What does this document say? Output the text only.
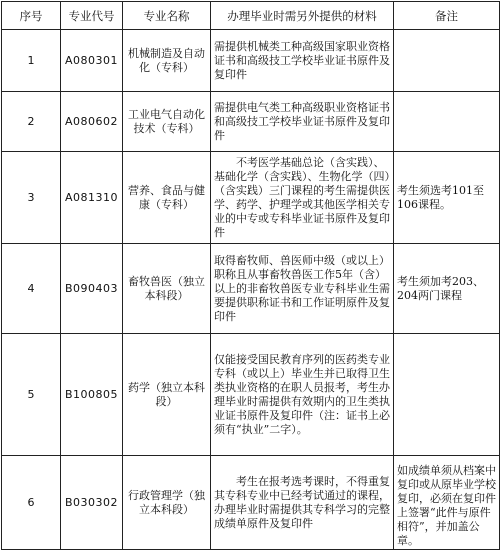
序号	专业代号	专业名称	办理毕业时需另外提供的材料	备注
1	A080301	机械制造及自动化（专科）	需提供机械类工种高级国家职业资格证书和高级技工学校毕业证书原件及复印件	
2	A080602	工业电气自动化技术（专科）	需提供电气类工种高级职业资格证书和高级技工学校毕业证书原件及复印件	
3	A081310	营养、食品与健康（专科）	不考医学基础总论（含实践）、基础化学（含实践）、生物化学（四）（含实践）三门课程的考生需提供医学、药学、护理学或其他医学相关专业的中专或专科毕业证书原件及复印件	考生须选考101至106课程。
4	B090403	畜牧兽医（独立本科段）	取得畜牧师、兽医师中级（或以上）职称且从事畜牧兽医工作5年（含）以上的非畜牧兽医专业专科毕业生需要提供职称证书和工作证明原件及复印件	考生须加考203、204两门课程
5	B100805	药学（独立本科段）	仅能接受国民教育序列的医药类专业专科（或以上）毕业生并已取得卫生类执业资格的在职人员报考，考生办理毕业时需提供有效期内的卫生类执业证书原件及复印件（注：证书上必须有“执业”二字）。	
6	B030302	行政管理学（独立本科段）	考生在报考选考课时，不得重复其专科专业中已经考试通过的课程，办理毕业时需提供其专科学习的完整成绩单原件及复印件	如成绩单须从档案中复印或从原毕业学校复印，必须在复印件上签署“此件与原件相符”，并加盖公章。
